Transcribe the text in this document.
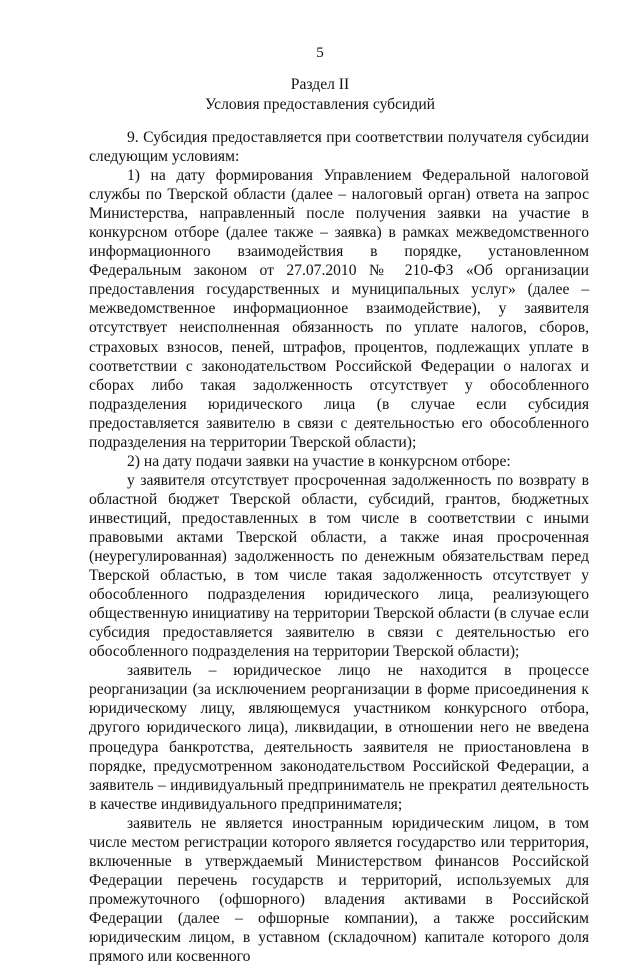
5
Раздел II
Условия предоставления субсидий

9. Субсидия предоставляется при соответствии получателя субсидии следующим условиям:

1) на дату формирования Управлением Федеральной налоговой службы по Тверской области (далее – налоговый орган) ответа на запрос Министерства, направленный после получения заявки на участие в конкурсном отборе (далее также – заявка) в рамках межведомственного информационного взаимодействия в порядке, установленном Федеральным законом от 27.07.2010 № 210-ФЗ «Об организации предоставления государственных и муниципальных услуг» (далее – межведомственное информационное взаимодействие), у заявителя отсутствует неисполненная обязанность по уплате налогов, сборов, страховых взносов, пеней, штрафов, процентов, подлежащих уплате в соответствии с законодательством Российской Федерации о налогах и сборах либо такая задолженность отсутствует у обособленного подразделения юридического лица (в случае если субсидия предоставляется заявителю в связи с деятельностью его обособленного подразделения на территории Тверской области);

2) на дату подачи заявки на участие в конкурсном отборе:

у заявителя отсутствует просроченная задолженность по возврату в областной бюджет Тверской области, субсидий, грантов, бюджетных инвестиций, предоставленных в том числе в соответствии с иными правовыми актами Тверской области, а также иная просроченная (неурегулированная) задолженность по денежным обязательствам перед Тверской областью, в том числе такая задолженность отсутствует у обособленного подразделения юридического лица, реализующего общественную инициативу на территории Тверской области (в случае если субсидия предоставляется заявителю в связи с деятельностью его обособленного подразделения на территории Тверской области);

заявитель – юридическое лицо не находится в процессе реорганизации (за исключением реорганизации в форме присоединения к юридическому лицу, являющемуся участником конкурсного отбора, другого юридического лица), ликвидации, в отношении него не введена процедура банкротства, деятельность заявителя не приостановлена в порядке, предусмотренном законодательством Российской Федерации, а заявитель – индивидуальный предприниматель не прекратил деятельность в качестве индивидуального предпринимателя;

заявитель не является иностранным юридическим лицом, в том числе местом регистрации которого является государство или территория, включенные в утверждаемый Министерством финансов Российской Федерации перечень государств и территорий, используемых для промежуточного (офшорного) владения активами в Российской Федерации (далее – офшорные компании), а также российским юридическим лицом, в уставном (складочном) капитале которого доля прямого или косвенного
